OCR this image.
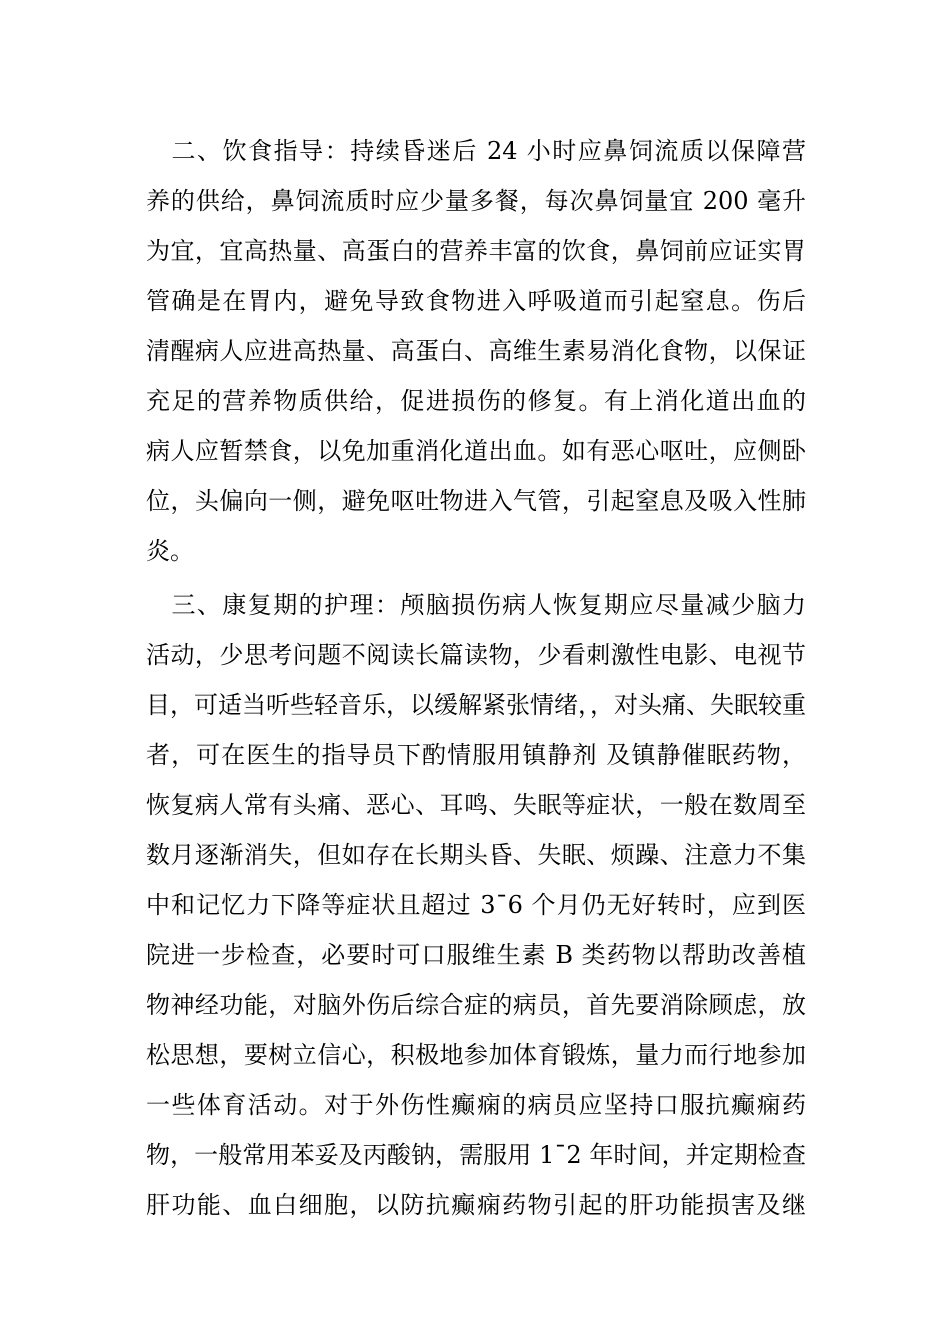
　二、饮食指导：持续昏迷后 24 小时应鼻饲流质以保障营
养的供给，鼻饲流质时应少量多餐，每次鼻饲量宜 200 毫升
为宜，宜高热量、高蛋白的营养丰富的饮食，鼻饲前应证实胃
管确是在胃内，避免导致食物进入呼吸道而引起窒息。伤后
清醒病人应进高热量、高蛋白、高维生素易消化食物，以保证
充足的营养物质供给，促进损伤的修复。有上消化道出血的
病人应暂禁食，以免加重消化道出血。如有恶心呕吐，应侧卧
位，头偏向一侧，避免呕吐物进入气管，引起窒息及吸入性肺
炎。
　三、康复期的护理：颅脑损伤病人恢复期应尽量减少脑力
活动，少思考问题不阅读长篇读物，少看刺激性电影、电视节
目，可适当听些轻音乐，以缓解紧张情绪，，对头痛、失眠较重
者，可在医生的指导员下酌情服用镇静剂 及镇静催眠药物，
恢复病人常有头痛、恶心、耳鸣、失眠等症状，一般在数周至
数月逐渐消失，但如存在长期头昏、失眠、烦躁、注意力不集
中和记忆力下降等症状且超过 3¯6 个月仍无好转时，应到医
院进一步检查，必要时可口服维生素 B 类药物以帮助改善植
物神经功能，对脑外伤后综合症的病员，首先要消除顾虑，放
松思想，要树立信心，积极地参加体育锻炼，量力而行地参加
一些体育活动。对于外伤性癫痫的病员应坚持口服抗癫痫药
物，一般常用苯妥及丙酸钠，需服用 1¯2 年时间，并定期检查
肝功能、血白细胞，以防抗癫痫药物引起的肝功能损害及继
